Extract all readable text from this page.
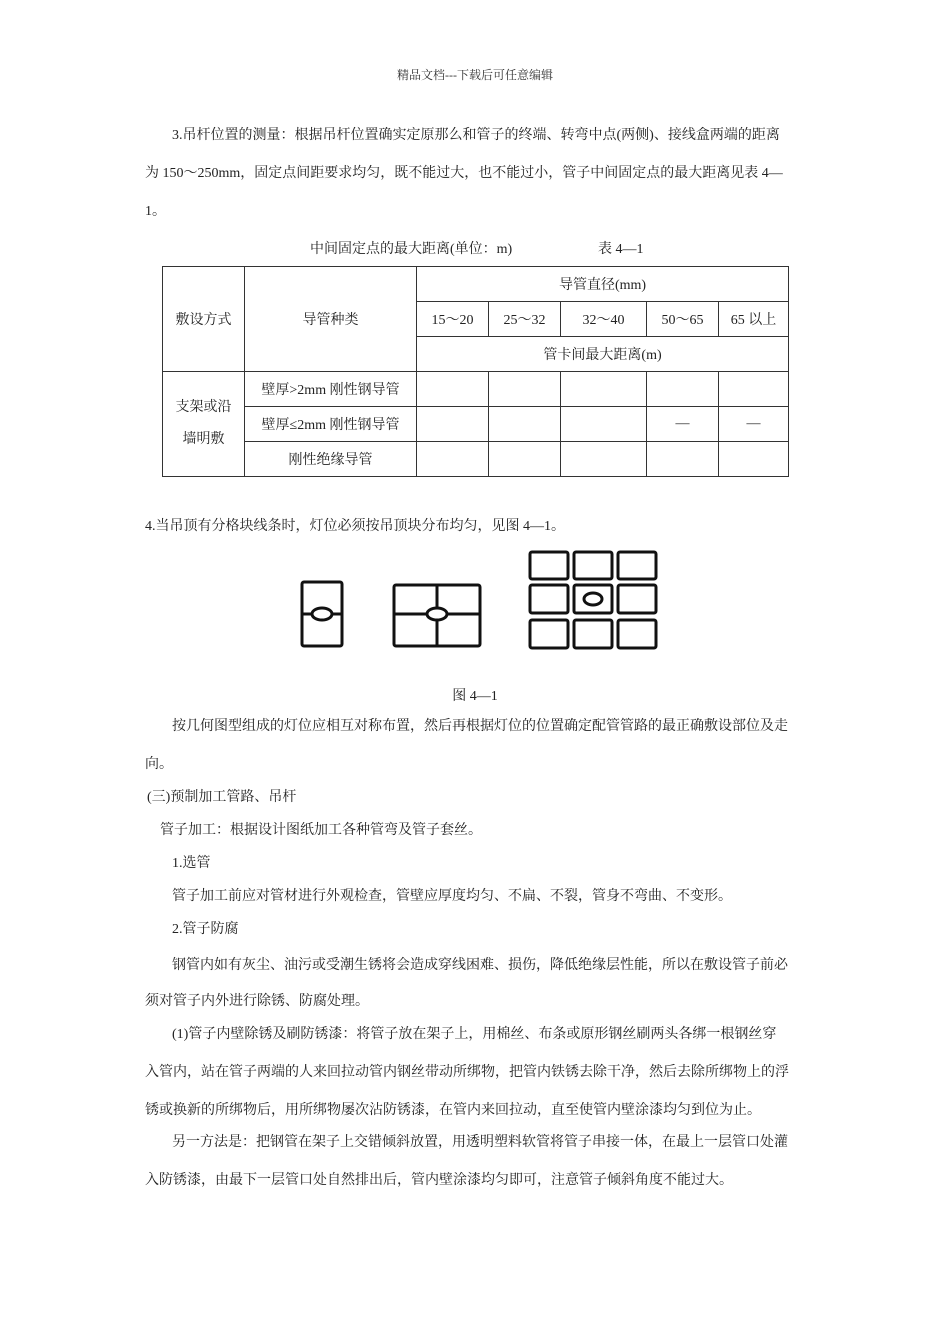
精品文档---下载后可任意编辑
3.吊杆位置的测量：根据吊杆位置确实定原那么和管子的终端、转弯中点(两侧)、接线盒两端的距离
为 150～250mm，固定点间距要求均匀，既不能过大，也不能过小，管子中间固定点的最大距离见表 4—
1。
中间固定点的最大距离(单位：m)	表 4—1
敷设方式	导管种类	导管直径(mm)				
		15～20	25～32	32～40	50～65	65 以上
		管卡间最大距离(m)				
支架或沿
墙明敷	壁厚>2mm 刚性钢导管					
	壁厚≤2mm 刚性钢导管				—	—
	刚性绝缘导管					
4.当吊顶有分格块线条时，灯位必须按吊顶块分布均匀，见图 4—1。
图 4—1
按几何图型组成的灯位应相互对称布置，然后再根据灯位的位置确定配管管路的最正确敷设部位及走
向。
(三)预制加工管路、吊杆
管子加工：根据设计图纸加工各种管弯及管子套丝。
1.选管
管子加工前应对管材进行外观检查，管壁应厚度均匀、不扁、不裂，管身不弯曲、不变形。
2.管子防腐
钢管内如有灰尘、油污或受潮生锈将会造成穿线困难、损伤，降低绝缘层性能，所以在敷设管子前必
须对管子内外进行除锈、防腐处理。
(1)管子内壁除锈及刷防锈漆：将管子放在架子上，用棉丝、布条或原形钢丝刷两头各绑一根钢丝穿
入管内，站在管子两端的人来回拉动管内钢丝带动所绑物，把管内铁锈去除干净，然后去除所绑物上的浮
锈或换新的所绑物后，用所绑物屡次沾防锈漆，在管内来回拉动，直至使管内壁涂漆均匀到位为止。
另一方法是：把钢管在架子上交错倾斜放置，用透明塑料软管将管子串接一体，在最上一层管口处灌
入防锈漆，由最下一层管口处自然排出后，管内壁涂漆均匀即可，注意管子倾斜角度不能过大。
